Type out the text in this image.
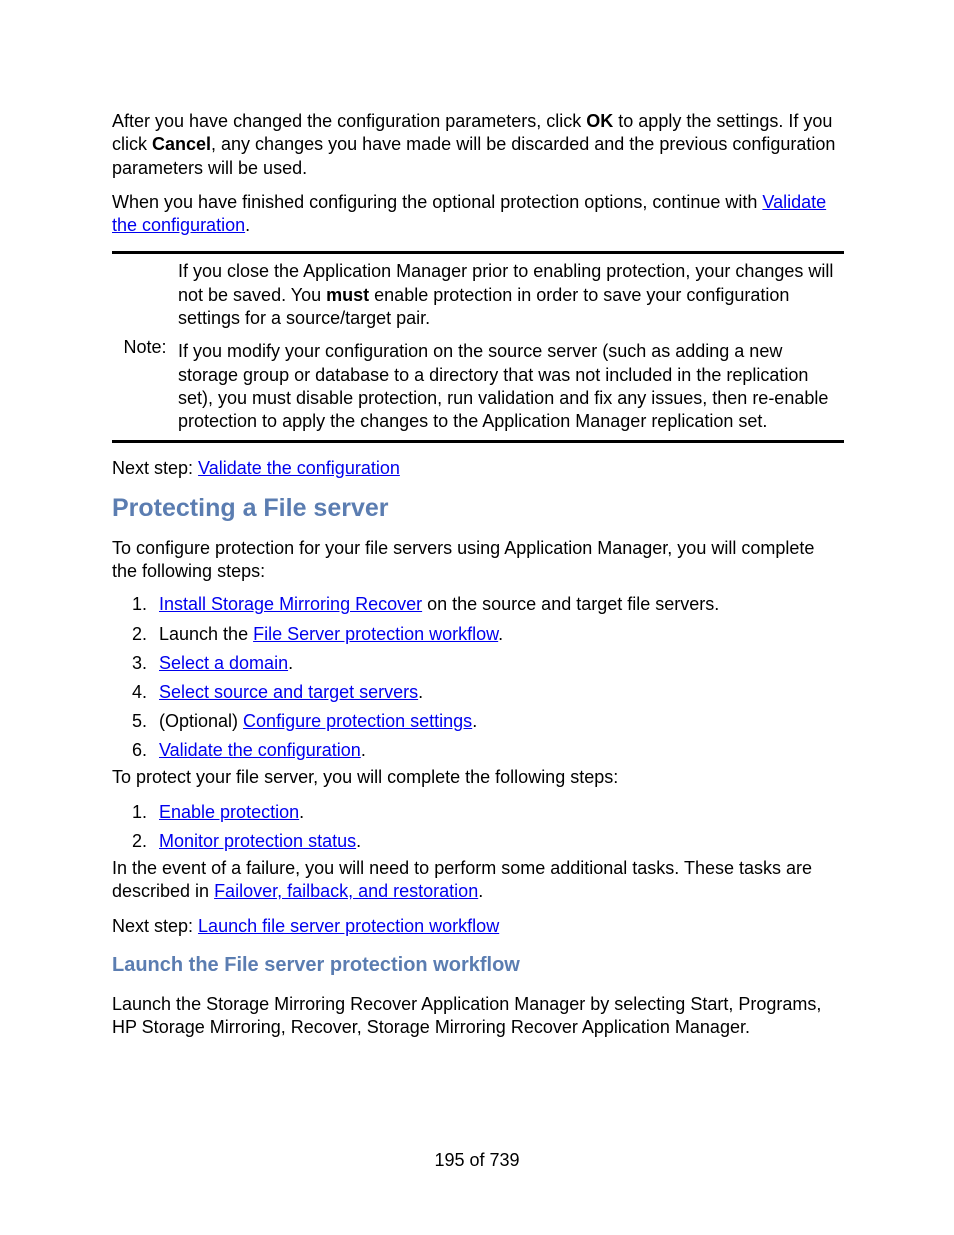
After you have changed the configuration parameters, click OK to apply the settings. If you click Cancel, any changes you have made will be discarded and the previous configuration parameters will be used.

When you have finished configuring the optional protection options, continue with Validate the configuration.

Note:

If you close the Application Manager prior to enabling protection, your changes will not be saved. You must enable protection in order to save your configuration settings for a source/target pair.

If you modify your configuration on the source server (such as adding a new storage group or database to a directory that was not included in the replication set), you must disable protection, run validation and fix any issues, then re-enable protection to apply the changes to the Application Manager replication set.

Next step: Validate the configuration

Protecting a File server

To configure protection for your file servers using Application Manager, you will complete the following steps:

1. Install Storage Mirroring Recover on the source and target file servers.
2. Launch the File Server protection workflow.
3. Select a domain.
4. Select source and target servers.
5. (Optional) Configure protection settings.
6. Validate the configuration.

To protect your file server, you will complete the following steps:

1. Enable protection.
2. Monitor protection status.

In the event of a failure, you will need to perform some additional tasks. These tasks are described in Failover, failback, and restoration.

Next step: Launch file server protection workflow

Launch the File server protection workflow

Launch the Storage Mirroring Recover Application Manager by selecting Start, Programs, HP Storage Mirroring, Recover, Storage Mirroring Recover Application Manager.

195 of 739
